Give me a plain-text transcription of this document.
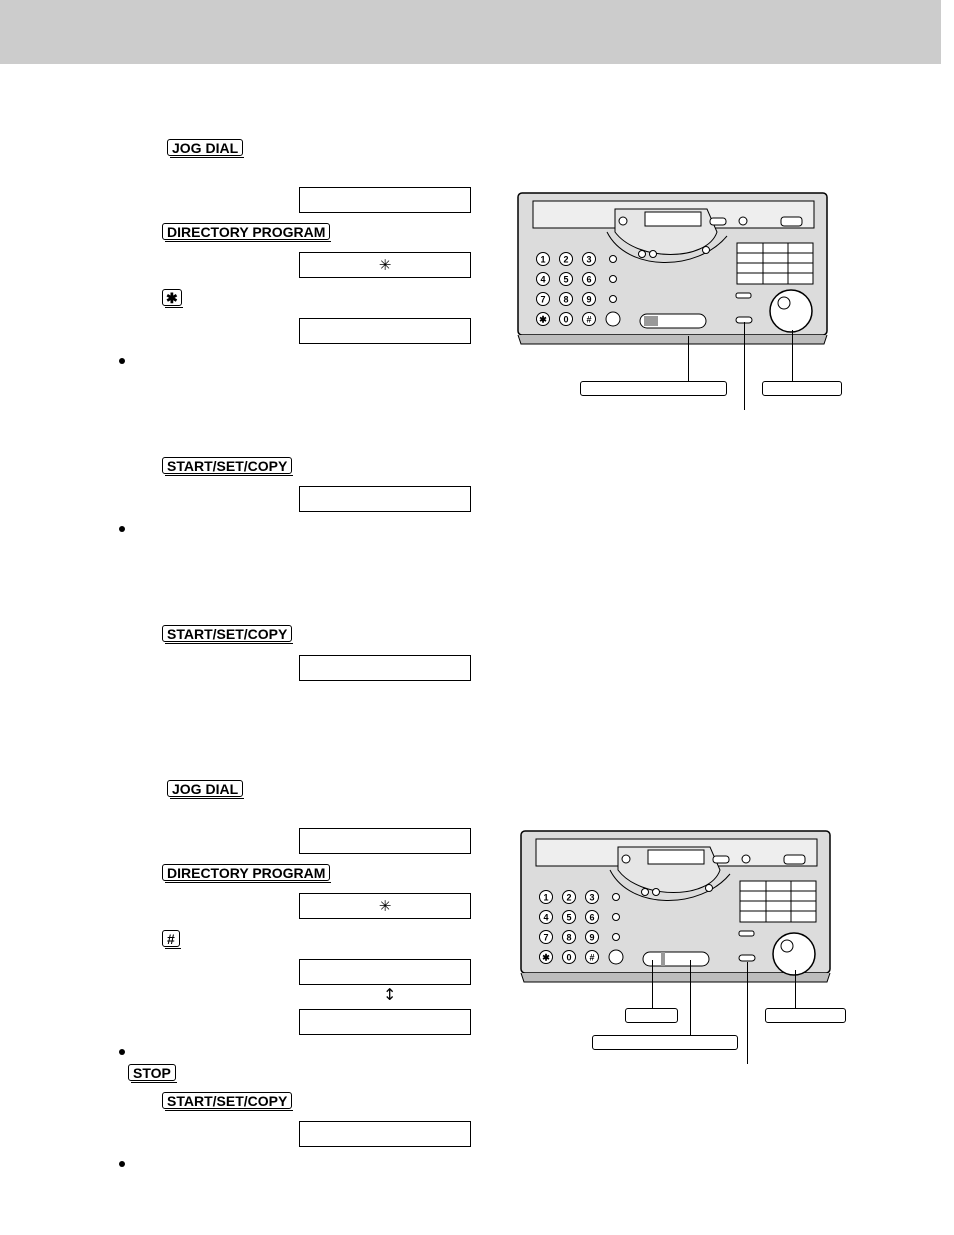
JOG DIAL
DIRECTORY PROGRAM
✳
✱
START/SET/COPY
START/SET/COPY
JOG DIAL
DIRECTORY PROGRAM
✳
#
↕
STOP
START/SET/COPY
1 2 3
4 5 6
7 8 9
✱ 0 #
1 2 3
4 5 6
7 8 9
✱ 0 #
